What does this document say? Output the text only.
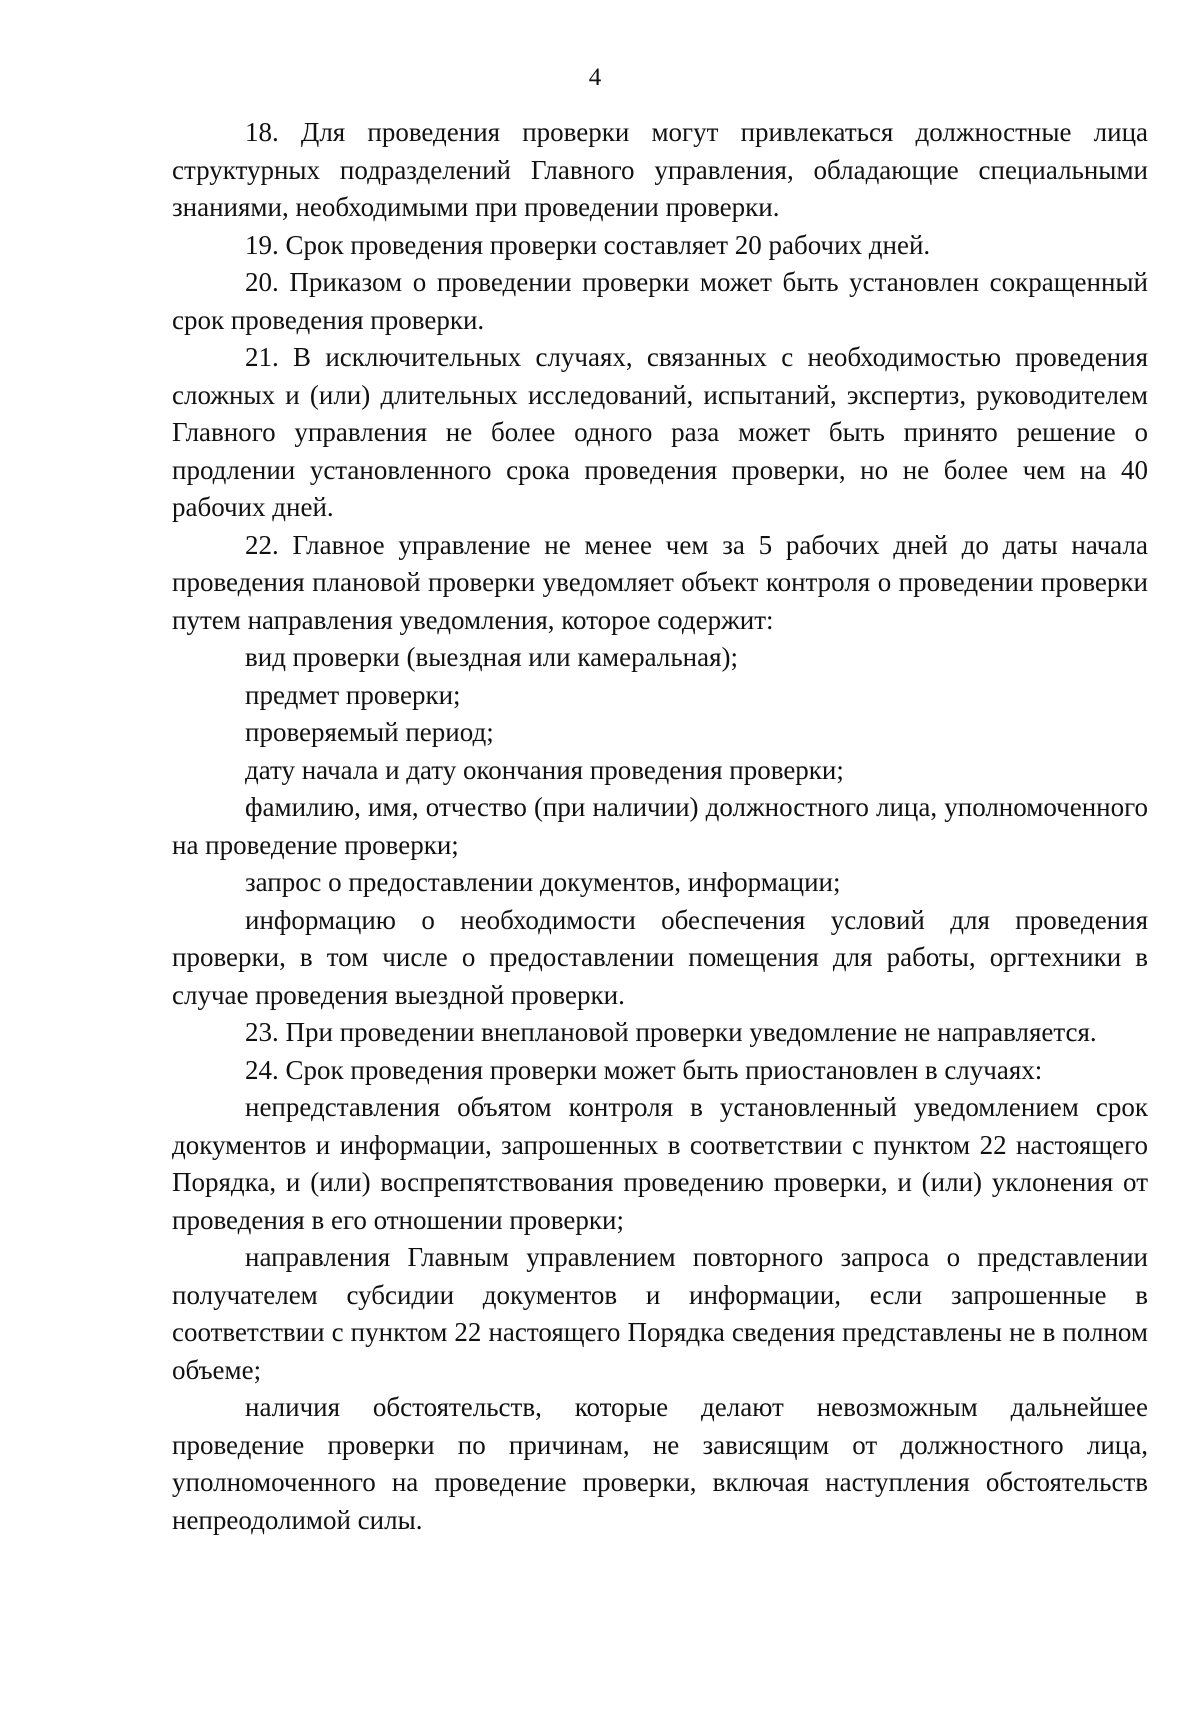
4

18. Для проведения проверки могут привлекаться должностные лица структурных подразделений Главного управления, обладающие специальными знаниями, необходимыми при проведении проверки.

19. Срок проведения проверки составляет 20 рабочих дней.

20. Приказом о проведении проверки может быть установлен сокращенный срок проведения проверки.

21. В исключительных случаях, связанных с необходимостью проведения сложных и (или) длительных исследований, испытаний, экспертиз, руководителем Главного управления не более одного раза может быть принято решение о продлении установленного срока проведения проверки, но не более чем на 40 рабочих дней.

22. Главное управление не менее чем за 5 рабочих дней до даты начала проведения плановой проверки уведомляет объект контроля о проведении проверки путем направления уведомления, которое содержит:

вид проверки (выездная или камеральная);

предмет проверки;

проверяемый период;

дату начала и дату окончания проведения проверки;

фамилию, имя, отчество (при наличии) должностного лица, уполномоченного на проведение проверки;

запрос о предоставлении документов, информации;

информацию о необходимости обеспечения условий для проведения проверки, в том числе о предоставлении помещения для работы, оргтехники в случае проведения выездной проверки.

23. При проведении внеплановой проверки уведомление не направляется.

24. Срок проведения проверки может быть приостановлен в случаях:

непредставления объятом контроля в установленный уведомлением срок документов и информации, запрошенных в соответствии с пунктом 22 настоящего Порядка, и (или) воспрепятствования проведению проверки, и (или) уклонения от проведения в его отношении проверки;

направления Главным управлением повторного запроса о представлении получателем субсидии документов и информации, если запрошенные в соответствии с пунктом 22 настоящего Порядка сведения представлены не в полном объеме;

наличия обстоятельств, которые делают невозможным дальнейшее проведение проверки по причинам, не зависящим от должностного лица, уполномоченного на проведение проверки, включая наступления обстоятельств непреодолимой силы.
